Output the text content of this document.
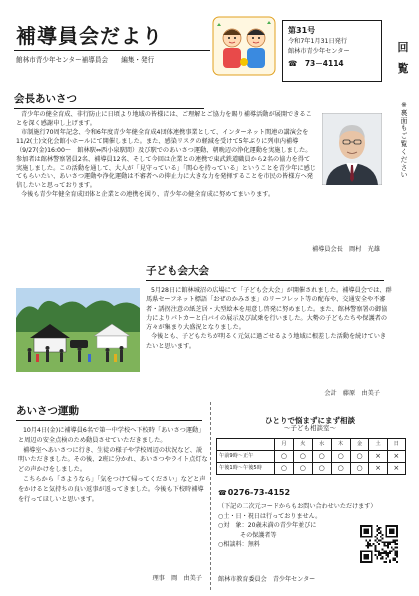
補導員会だより
館林市青少年センター補導員会　　編集・発行
第31号
令和7年1月31日発行
館林市青少年センター
☎　73－4114
回
覧
※
裏
面
も
ご
覧
く
だ
さ
い
会長あいさつ

青少年の健全育成、非行防止に日頃より地域の皆様には、ご理解とご協力を賜り補導活動が展開できることを深く感謝申し上げます。

市制施行70周年記念、令和6年度青少年健全育成4団体連携事業として、インターネット関連の講演会を11/2(土)文化会館小ホールにて開催しました。また、感染リスクの軽減を受けて5年ぶりに列車内補導（9/27(金)16:00～　館林駅⇔西小泉駅間）及び駅でのあいさつ運動、朝晩辺の浄化運動を実施しました。参加者は館林警察署員2名、補導員12名、そして今回は企業との連携で東武鉄道職員から2名の協力を得て実施しました。この活動を通して、大人が「見守っている」「関心を持っている」ということを青少年に感じてもらいたい、あいさつ運動や浄化運動は不審者への抑止力に大きな力を発揮することを市民の皆様方へ発信したいと思っております。

今後も青少年健全育成団体と企業との連携を図り、青少年の健全育成に努めてまいります。

補導員会長　岡村　光雄
子ども会大会

5月28日に館林城沼の広場にて「子ども会大会」が開催されました。補導員会では、群馬県セーフネット標語「おぜのかみさま」のリーフレット等の配布や、交通安全や不審者・誘拐注意の紙芝居・大型絵本を用意し啓発に努めました。また、館林警察署の御協力によりパトカーと白バイの展示及び試乗を行いました。大勢の子どもたちや保護者の方々が集まり大盛況となりました。

今後とも、子どもたちが明るく元気に過ごせるよう地域に根差した活動を続けていきたいと思います。

会計　藤原　由美子
あいさつ運動

10月4日(金)に補導員6名で第一中学校へ下校時「あいさつ運動」と周辺の安全点検のため動員させていただきました。

補導室へあいさつに行き、生徒の様子や学校周辺の状況など、説明いただきました。その後、2班に分かれ、あいさつやライト点灯などの声かけをしました。

こちらから「さようなら」「気をつけて帰ってください」などと声をかけると気持ちの良い返事が返ってきました。今後も下校時補導を行ってほしいと思います。

理事　岡　由美子
ひとりで悩まずにまず相談
～子ども相談室～
	月	火	水	木	金	土	日
午前9時～正午	○	○	○	○	○	×	×
午後1時～午後5時	○	○	○	○	○	×	×
☎0276-73-4152
（下記の二次元コードからもお問い合わせいただけます）
○土・日・祝日は行っておりません。
○対　象：20歳未満の青少年並びに
その保護者等
○相談料：無料
館林市教育委員会　青少年センター
